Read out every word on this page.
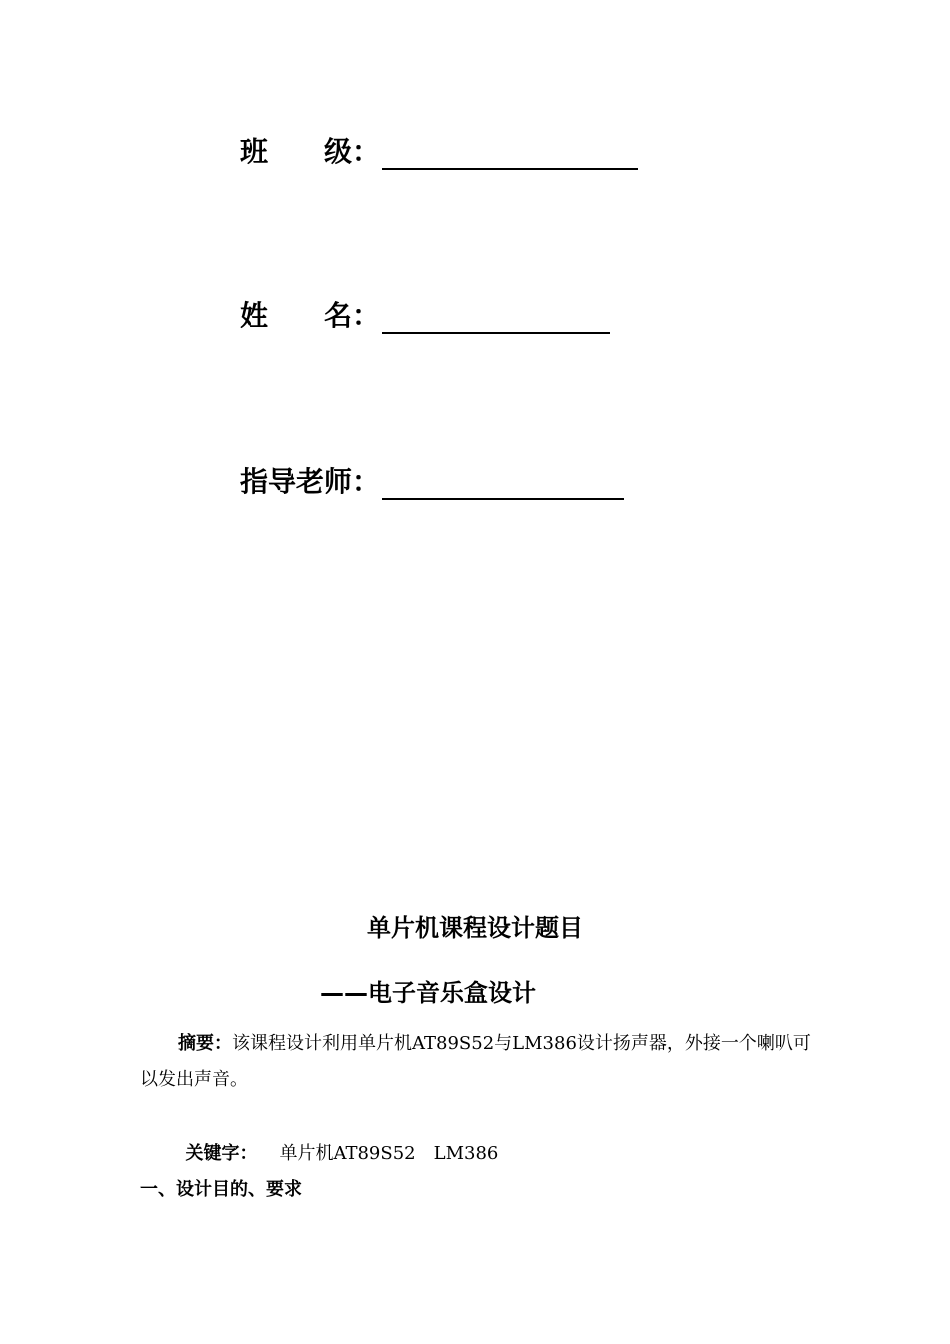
班　　级：
姓　　名：
指导老师：
单片机课程设计题目
——电子音乐盒设计
摘要：该课程设计利用单片机AT89S52与LM386设计扬声器，外接一个喇叭可以发出声音。

关键字： 单片机AT89S52　LM386

一、设计目的、要求
